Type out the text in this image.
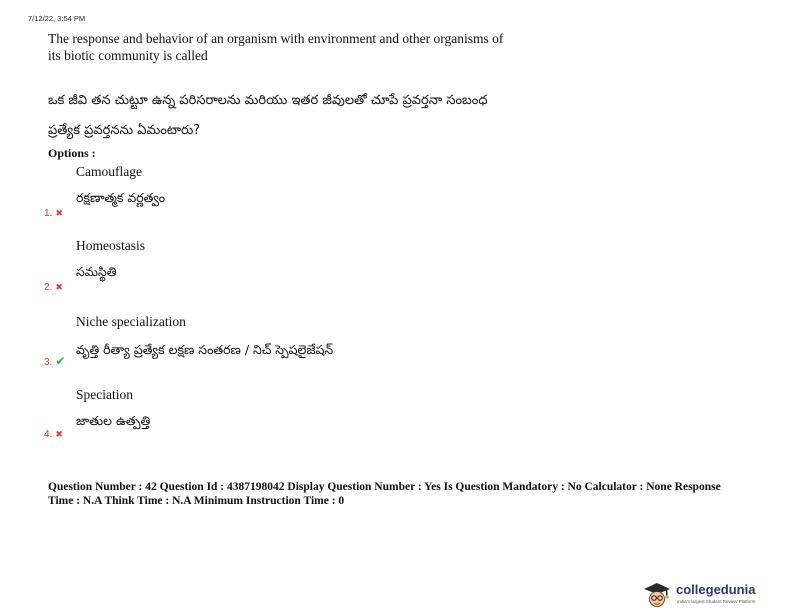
7/12/22, 3:54 PM
The response and behavior of an organism with environment and other organisms of
its biotic community is called
ఒక జీవి తన చుట్టూ ఉన్న పరిసరాలను మరియు ఇతర జీవులతో చూపే ప్రవర్తనా సంబంధ
ప్రత్యేక ప్రవర్తనను ఏమంటారు?
Options :
Camouflage
రక్షణాత్మక వర్ణత్వం
1. ✖
Homeostasis
సమస్థితి
2. ✖
Niche specialization
వృత్తి రీత్యా ప్రత్యేక లక్షణ సంతరణ / నిచ్ స్పెషలైజేషన్
3. ✔
Speciation
జాతుల ఉత్పత్తి
4. ✖
Question Number : 42 Question Id : 4387198042 Display Question Number : Yes Is Question Mandatory : No Calculator : None Response
Time : N.A Think Time : N.A Minimum Instruction Time : 0
collegedunia
India's largest Student Review Platform
